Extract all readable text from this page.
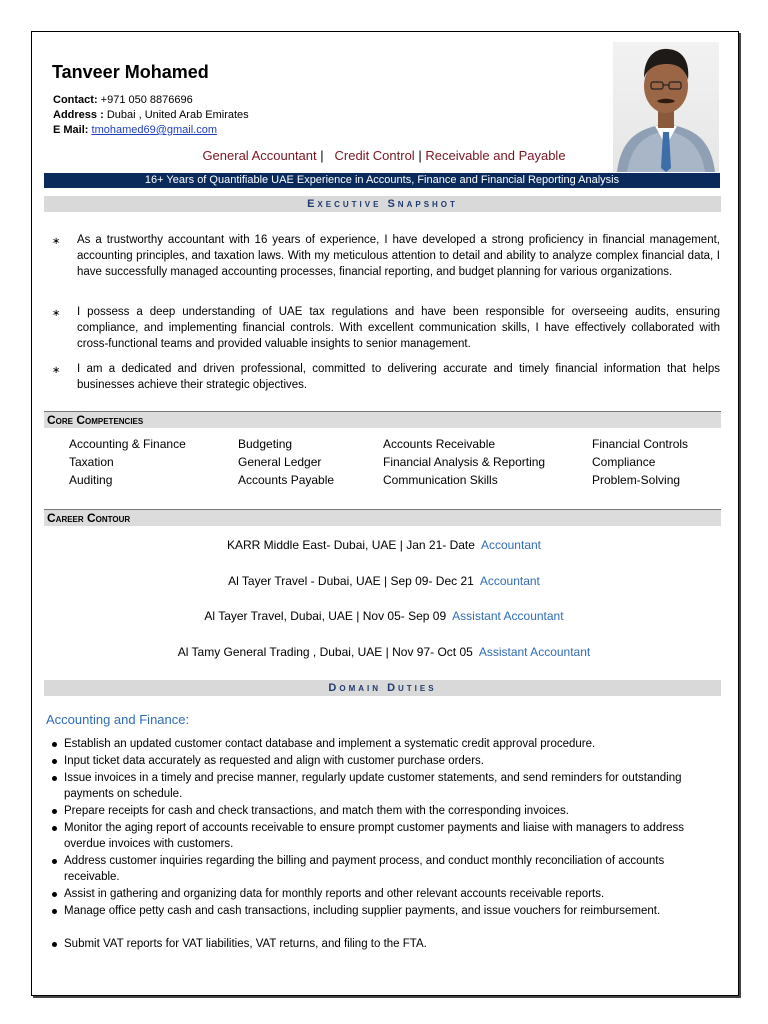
Tanveer Mohamed
Contact: +971 050 8876696
Address : Dubai , United Arab Emirates
E Mail: tmohamed69@gmail.com
General Accountant | Credit Control | Receivable and Payable
16+ Years of Quantifiable UAE Experience in Accounts, Finance and Financial Reporting Analysis
Executive Snapshot
∗ As a trustworthy accountant with 16 years of experience, I have developed a strong proficiency in financial management, accounting principles, and taxation laws. With my meticulous attention to detail and ability to analyze complex financial data, I have successfully managed accounting processes, financial reporting, and budget planning for various organizations.
∗ I possess a deep understanding of UAE tax regulations and have been responsible for overseeing audits, ensuring compliance, and implementing financial controls. With excellent communication skills, I have effectively collaborated with cross-functional teams and provided valuable insights to senior management.
∗ I am a dedicated and driven professional, committed to delivering accurate and timely financial information that helps businesses achieve their strategic objectives.
Core Competencies
Accounting & Finance
Taxation
Auditing
Budgeting
General Ledger
Accounts Payable
Accounts Receivable
Financial Analysis & Reporting
Communication Skills
Financial Controls
Compliance
Problem-Solving
Career Contour
KARR Middle East- Dubai, UAE | Jan 21- Date Accountant
Al Tayer Travel - Dubai, UAE | Sep 09- Dec 21 Accountant
Al Tayer Travel, Dubai, UAE | Nov 05- Sep 09 Assistant Accountant
Al Tamy General Trading , Dubai, UAE | Nov 97- Oct 05 Assistant Accountant
Domain Duties
Accounting and Finance:
Establish an updated customer contact database and implement a systematic credit approval procedure.
Input ticket data accurately as requested and align with customer purchase orders.
Issue invoices in a timely and precise manner, regularly update customer statements, and send reminders for outstanding payments on schedule.
Prepare receipts for cash and check transactions, and match them with the corresponding invoices.
Monitor the aging report of accounts receivable to ensure prompt customer payments and liaise with managers to address overdue invoices with customers.
Address customer inquiries regarding the billing and payment process, and conduct monthly reconciliation of accounts receivable.
Assist in gathering and organizing data for monthly reports and other relevant accounts receivable reports.
Manage office petty cash and cash transactions, including supplier payments, and issue vouchers for reimbursement.
Submit VAT reports for VAT liabilities, VAT returns, and filing to the FTA.
